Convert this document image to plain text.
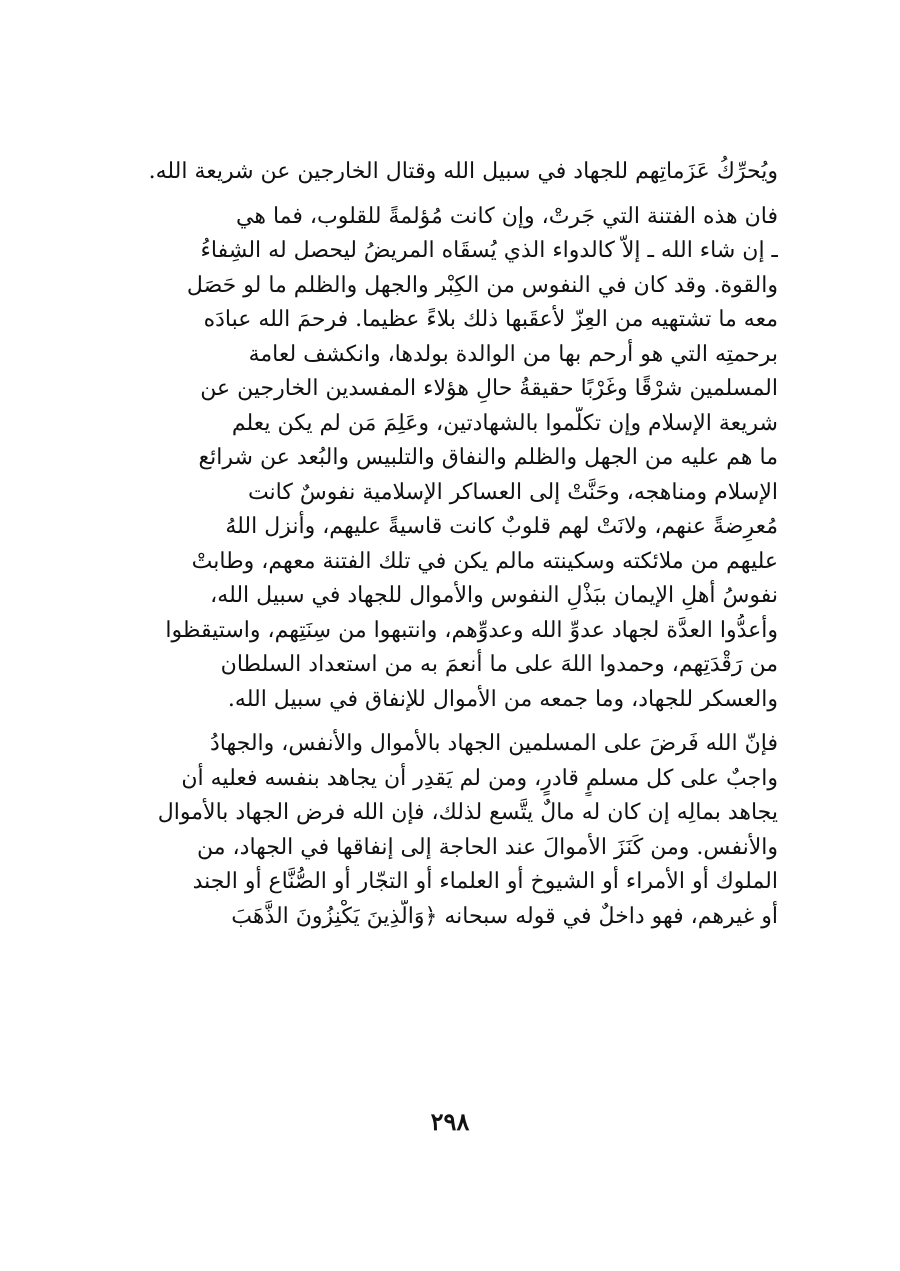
ويُحرِّكُ عَزَماتِهم للجهاد في سبيل الله وقتال الخارجين عن شريعة الله.
فان هذه الفتنة التي جَرتْ، وإن كانت مُؤلمةً للقلوب، فما هي
ـ إن شاء الله ـ إلاّ كالدواء الذي يُسقَاه المريضُ ليحصل له الشِفاءُ
والقوة. وقد كان في النفوس من الكِبْر والجهل والظلم ما لو حَصَل
معه ما تشتهيه من العِزّ لأعقَبها ذلك بلاءً عظيما. فرحمَ الله عبادَه
برحمتِه التي هو أرحم بها من الوالدة بولدها، وانكشف لعامة
المسلمين شرْقًا وغَرْبًا حقيقةُ حالِ هؤلاء المفسدين الخارجين عن
شريعة الإسلام وإن تكلَّموا بالشهادتين، وعَلِمَ مَن لم يكن يعلم
ما هم عليه من الجهل والظلم والنفاق والتلبيس والبُعد عن شرائع
الإسلام ومناهجه، وحَنَّتْ إلى العساكر الإسلامية نفوسٌ كانت
مُعرِضةً عنهم، ولانَتْ لهم قلوبٌ كانت قاسيةً عليهم، وأنزل اللهُ
عليهم من ملائكته وسكينته مالم يكن في تلك الفتنة معهم، وطابتْ
نفوسُ أهلِ الإيمان ببَذْلِ النفوس والأموال للجهاد في سبيل الله،
وأعدُّوا العدَّة لجهاد عدوِّ الله وعدوِّهم، وانتبهوا من سِنَتِهم، واستيقظوا
من رَقْدَتِهم، وحمدوا اللهَ على ما أنعمَ به من استعداد السلطان
والعسكر للجهاد، وما جمعه من الأموال للإنفاق في سبيل الله.
فإنّ الله فَرضَ على المسلمين الجهاد بالأموال والأنفس، والجهادُ
واجبٌ على كل مسلمٍ قادرٍ، ومن لم يَقدِر أن يجاهد بنفسه فعليه أن
يجاهد بمالِه إن كان له مالٌ يتَّسع لذلك، فإن الله فرض الجهاد بالأموال
والأنفس. ومن كَنَزَ الأموالَ عند الحاجة إلى إنفاقها في الجهاد، من
الملوك أو الأمراء أو الشيوخ أو العلماء أو التجّار أو الصُّنَّاع أو الجند
أو غيرهم، فهو داخلٌ في قوله سبحانه ﴿وَالَّذِينَ يَكْنِزُونَ الذَّهَبَ
٢٩٨
